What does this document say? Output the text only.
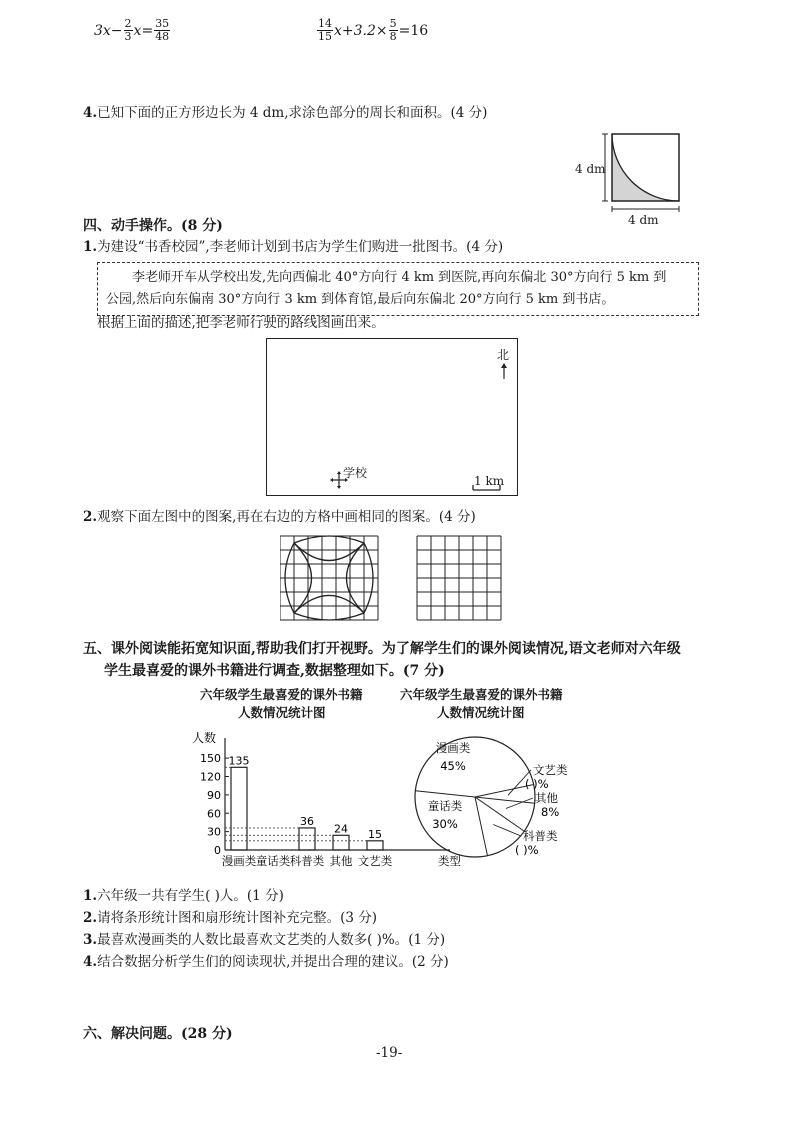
$3x- \frac{2}{3} x= \frac{35}{48}$	$\frac{14}{15} x+3.2\times \frac{5}{8} =16$
4.已知下面的正方形边长为 4 dm,求涂色部分的周长和面积。(4 分)
4 dm
4 dm
四、动手操作。(8 分)
1.为建设“书香校园”,李老师计划到书店为学生们购进一批图书。(4 分)
李老师开车从学校出发,先向西偏北 40°方向行 4 km 到医院,再向东偏北 30°方向行 5 km 到
公园,然后向东偏南 30°方向行 3 km 到体育馆,最后向东偏北 20°方向行 5 km 到书店。
根据上面的描述,把李老师行驶的路线图画出来。
北
学校
1 km
2.观察下面左图中的图案,再在右边的方格中画相同的图案。(4 分)
五、课外阅读能拓宽知识面,帮助我们打开视野。为了解学生们的课外阅读情况,语文老师对六年级
学生最喜爱的课外书籍进行调查,数据整理如下。(7 分)
六年级学生最喜爱的课外书籍
人数情况统计图
六年级学生最喜爱的课外书籍
人数情况统计图
人数
0
30
60
90
120
150 135
漫画类 童话类
36
科普类
24
其他
15
文艺类	类型
漫画类
45%
童话类
30%
科普类
( )%
其他
8%
文艺类
( )%
1.六年级一共有学生( )人。(1 分)
2.请将条形统计图和扇形统计图补充完整。(3 分)
3.最喜欢漫画类的人数比最喜欢文艺类的人数多( )%。(1 分)
4.结合数据分析学生们的阅读现状,并提出合理的建议。(2 分)
六、解决问题。(28 分)
-19-
